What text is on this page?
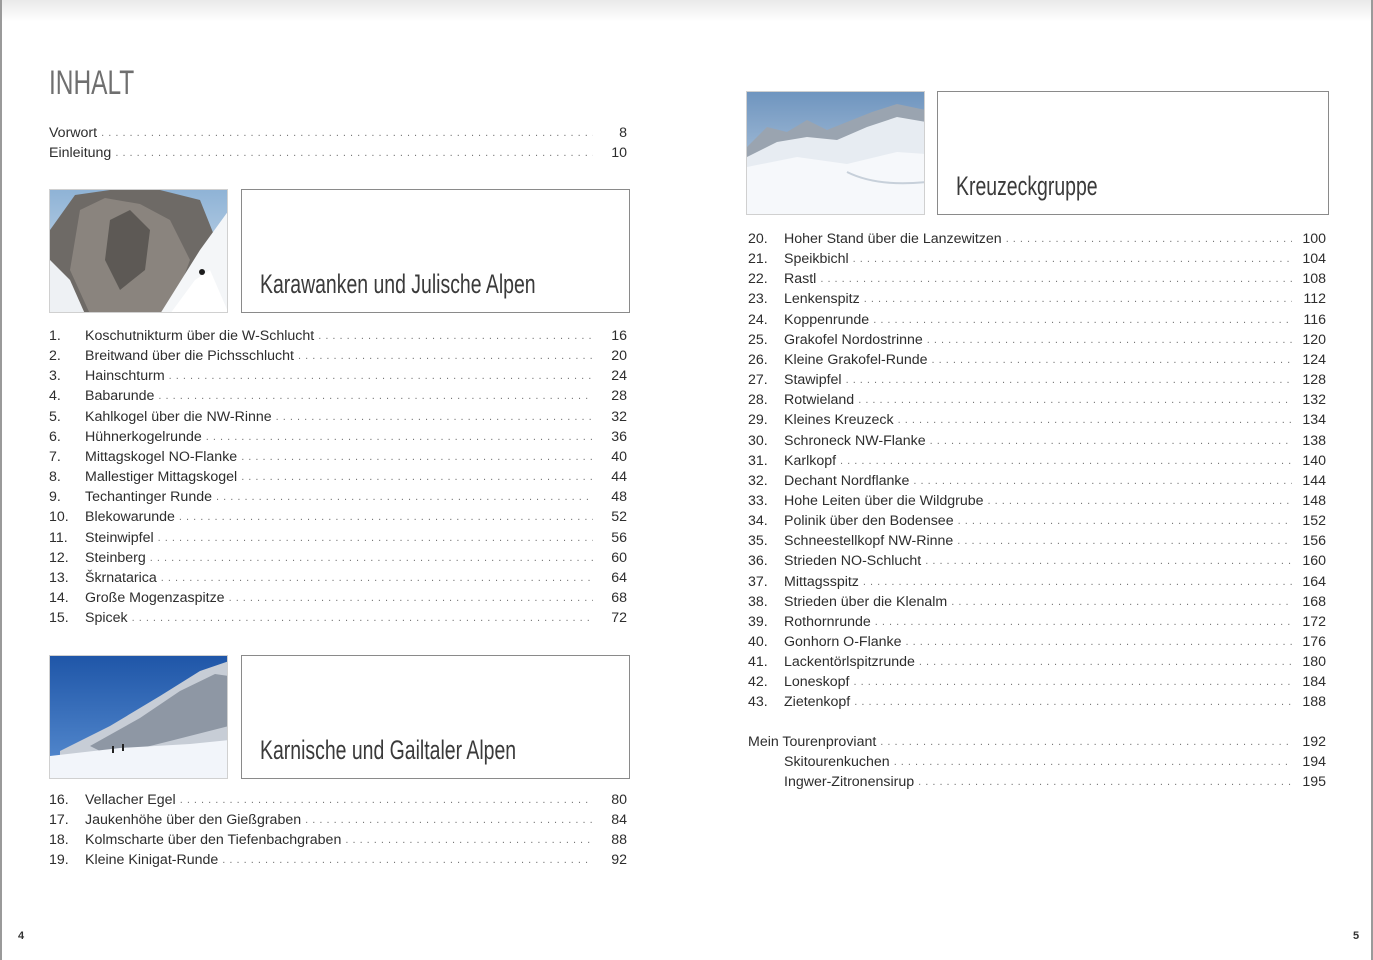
INHALT
Vorwort . . .	8
Einleitung . . .	10
Karawanken und Julische Alpen
1.	Koschutnikturm über die W-Schlucht . . .	16
2.	Breitwand über die Pichsschlucht . . .	20
3.	Hainschturm . . .	24
4.	Babarunde . . .	28
5.	Kahlkogel über die NW-Rinne . . .	32
6.	Hühnerkogelrunde . . .	36
7.	Mittagskogel NO-Flanke . . .	40
8.	Mallestiger Mittagskogel . . .	44
9.	Techantinger Runde . . .	48
10.	Blekowarunde . . .	52
11.	Steinwipfel . . .	56
12.	Steinberg . . .	60
13.	Škrnatarica . . .	64
14.	Große Mogenzaspitze . . .	68
15.	Spicek . . .	72
Karnische und Gailtaler Alpen
16.	Vellacher Egel . . .	80
17.	Jaukenhöhe über den Gießgraben . . .	84
18.	Kolmscharte über den Tiefenbachgraben . . .	88
19.	Kleine Kinigat-Runde . . .	92
Kreuzeckgruppe
20.	Hoher Stand über die Lanzewitzen . . .	100
21.	Speikbichl . . .	104
22.	Rastl . . .	108
23.	Lenkenspitz . . .	112
24.	Koppenrunde . . .	116
25.	Grakofel Nordostrinne . . .	120
26.	Kleine Grakofel-Runde . . .	124
27.	Stawipfel . . .	128
28.	Rotwieland . . .	132
29.	Kleines Kreuzeck . . .	134
30.	Schroneck NW-Flanke . . .	138
31.	Karlkopf . . .	140
32.	Dechant Nordflanke . . .	144
33.	Hohe Leiten über die Wildgrube . . .	148
34.	Polinik über den Bodensee . . .	152
35.	Schneestellkopf NW-Rinne . . .	156
36.	Strieden NO-Schlucht . . .	160
37.	Mittagsspitz . . .	164
38.	Strieden über die Klenalm . . .	168
39.	Rothornrunde . . .	172
40.	Gonhorn O-Flanke . . .	176
41.	Lackentörlspitzrunde . . .	180
42.	Loneskopf . . .	184
43.	Zietenkopf . . .	188
Mein Tourenproviant . . .	192
Skitourenkuchen . . .	194
Ingwer-Zitronensirup . . .	195
4	5
